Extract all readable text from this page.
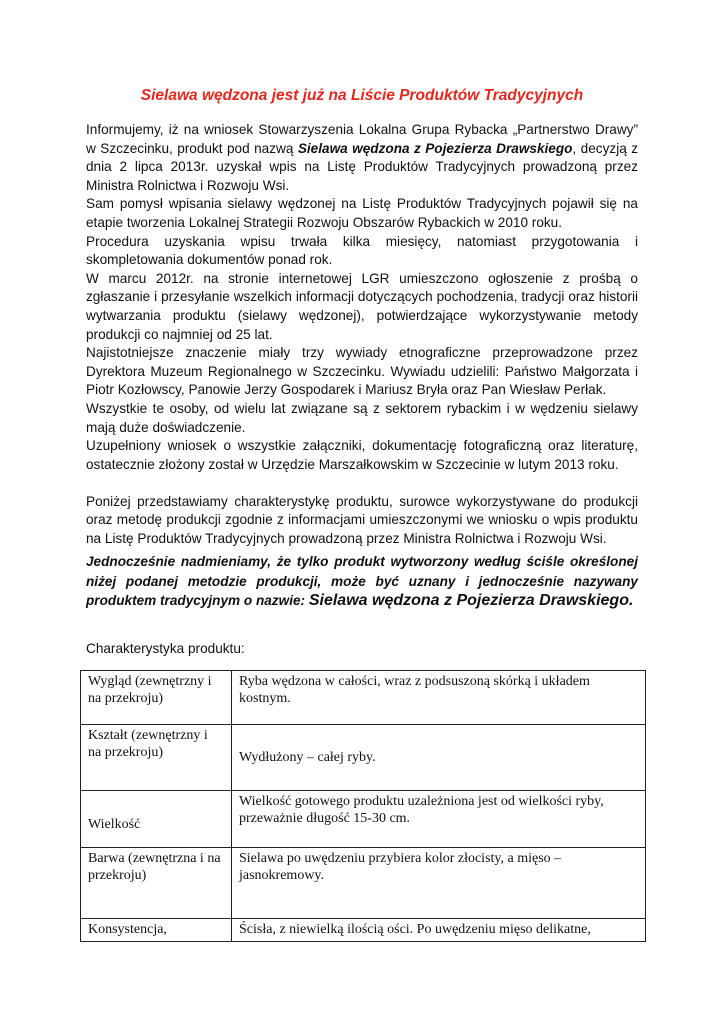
Sielawa wędzona jest już na Liście Produktów Tradycyjnych

Informujemy, iż na wniosek Stowarzyszenia Lokalna Grupa Rybacka „Partnerstwo Drawy” w Szczecinku, produkt pod nazwą Sielawa wędzona z Pojezierza Drawskiego, decyzją z dnia 2 lipca 2013r. uzyskał wpis na Listę Produktów Tradycyjnych prowadzoną przez Ministra Rolnictwa i Rozwoju Wsi.

Sam pomysł wpisania sielawy wędzonej na Listę Produktów Tradycyjnych pojawił się na etapie tworzenia Lokalnej Strategii Rozwoju Obszarów Rybackich w 2010 roku.

Procedura uzyskania wpisu trwała kilka miesięcy, natomiast przygotowania i skompletowania dokumentów ponad rok.

W marcu 2012r. na stronie internetowej LGR umieszczono ogłoszenie z prośbą o zgłaszanie i przesyłanie wszelkich informacji dotyczących pochodzenia, tradycji oraz historii wytwarzania produktu (sielawy wędzonej), potwierdzające wykorzystywanie metody produkcji co najmniej od 25 lat.

Najistotniejsze znaczenie miały trzy wywiady etnograficzne przeprowadzone przez Dyrektora Muzeum Regionalnego w Szczecinku. Wywiadu udzielili: Państwo Małgorzata i Piotr Kozłowscy, Panowie Jerzy Gospodarek i Mariusz Bryła oraz Pan Wiesław Perłak.

Wszystkie te osoby, od wielu lat związane są z sektorem rybackim i w wędzeniu sielawy mają duże doświadczenie.

Uzupełniony wniosek o wszystkie załączniki, dokumentację fotograficzną oraz literaturę, ostatecznie złożony został w Urzędzie Marszałkowskim w Szczecinie w lutym 2013 roku.

Poniżej przedstawiamy charakterystykę produktu, surowce wykorzystywane do produkcji oraz metodę produkcji zgodnie z informacjami umieszczonymi we wniosku o wpis produktu na Listę Produktów Tradycyjnych prowadzoną przez Ministra Rolnictwa i Rozwoju Wsi.

Jednocześnie nadmieniamy, że tylko produkt wytworzony według ściśle określonej niżej podanej metodzie produkcji, może być uznany i jednocześnie nazywany produktem tradycyjnym o nazwie: Sielawa wędzona z Pojezierza Drawskiego.

Charakterystyka produktu:
Wygląd (zewnętrzny i na przekroju)	Ryba wędzona w całości, wraz z podsuszoną skórką i układem kostnym.
Kształt (zewnętrzny i na przekroju)	Wydłużony – całej ryby.
Wielkość	Wielkość gotowego produktu uzależniona jest od wielkości ryby, przeważnie długość 15-30 cm.
Barwa (zewnętrzna i na przekroju)	Sielawa po uwędzeniu przybiera kolor złocisty, a mięso – jasnokremowy.
Konsystencja,	Ścisła, z niewielką ilością ości. Po uwędzeniu mięso delikatne,
